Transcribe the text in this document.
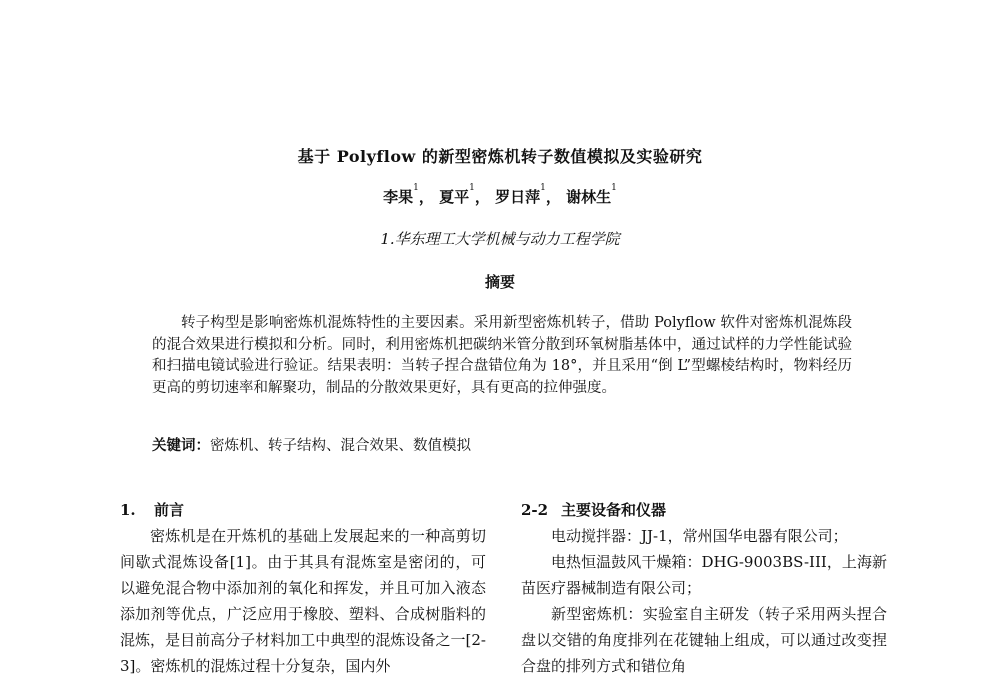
基于 Polyflow 的新型密炼机转子数值模拟及实验研究
李果$^1$， 夏平$^1$， 罗日萍$^1$， 谢林生$^1$
1.华东理工大学机械与动力工程学院
摘要

转子构型是影响密炼机混炼特性的主要因素。采用新型密炼机转子，借助 Polyflow 软件对密炼机混炼段的混合效果进行模拟和分析。同时，利用密炼机把碳纳米管分散到环氧树脂基体中，通过试样的力学性能试验和扫描电镜试验进行验证。结果表明：当转子捏合盘错位角为 18°，并且采用“倒 L”型螺棱结构时，物料经历更高的剪切速率和解聚功，制品的分散效果更好，具有更高的拉伸强度。

关键词：密炼机、转子结构、混合效果、数值模拟

1. 前言

密炼机是在开炼机的基础上发展起来的一种高剪切间歇式混炼设备[1]。由于其具有混炼室是密闭的，可以避免混合物中添加剂的氧化和挥发，并且可加入液态添加剂等优点，广泛应用于橡胶、塑料、合成树脂料的混炼，是目前高分子材料加工中典型的混炼设备之一[2-3]。密炼机的混炼过程十分复杂，国内外

2-2 主要设备和仪器

电动搅拌器：JJ-1，常州国华电器有限公司；

电热恒温鼓风干燥箱：DHG-9003BS-III，上海新苗医疗器械制造有限公司；

新型密炼机：实验室自主研发（转子采用两头捏合盘以交错的角度排列在花键轴上组成，可以通过改变捏合盘的排列方式和错位角
